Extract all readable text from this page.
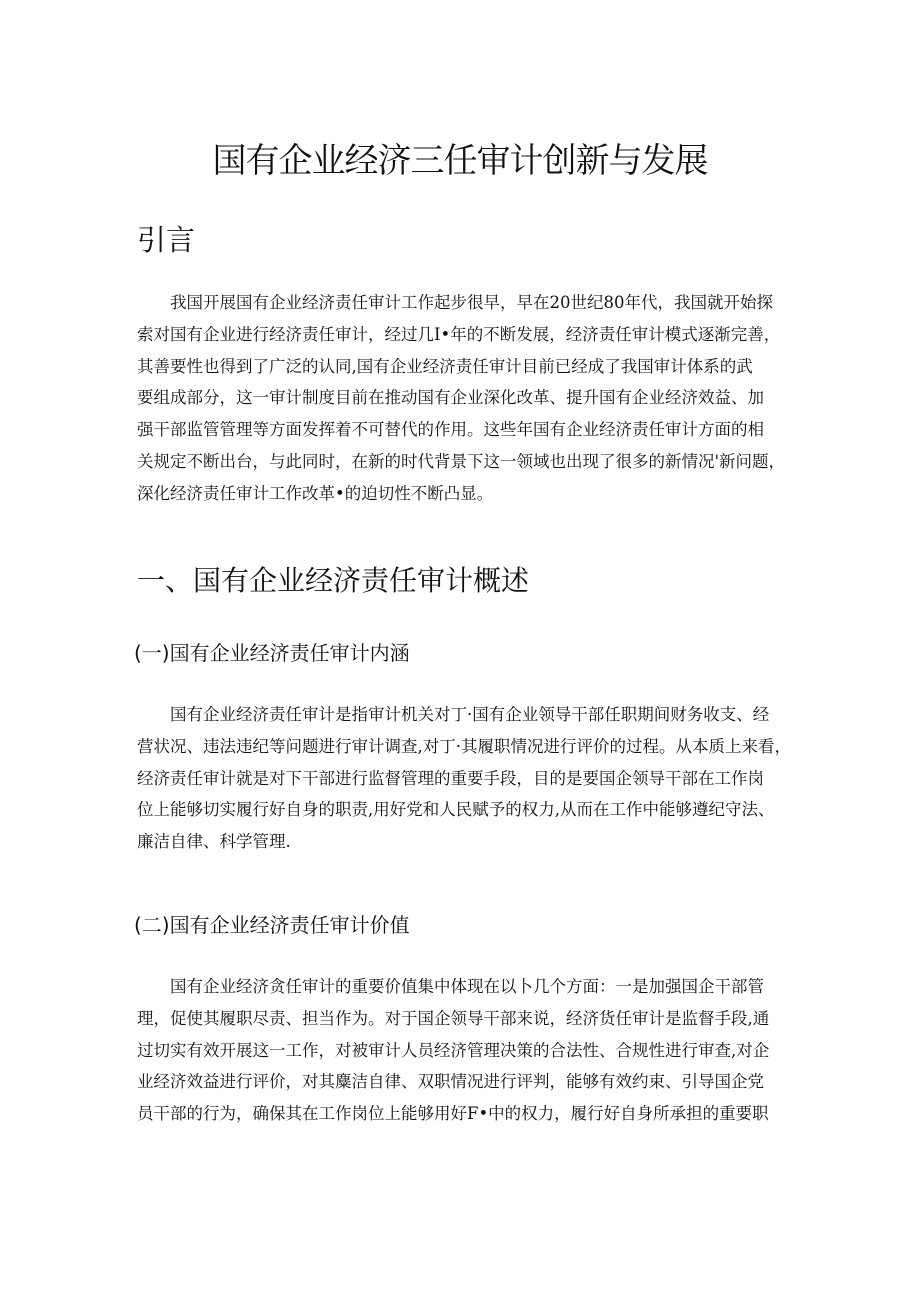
国有企业经济三任审计创新与发展
引言
我国开展国有企业经济责任审计工作起步很早，早在20世纪80年代，我国就开始探
索对国有企业进行经济责任审计，经过几I•年的不断发展，经济责任审计模式逐渐完善，
其善要性也得到了广泛的认同,国有企业经济责任审计目前已经成了我国审计体系的武
要组成部分，这一审计制度目前在推动国有企业深化改革、提升国有企业经济效益、加
强干部监管管理等方面发挥着不可替代的作用。这些年国有企业经济责任审计方面的相
关规定不断出台，与此同时，在新的时代背景下这一领域也出现了很多的新情况'新问题，
深化经济责任审计工作改革•的迫切性不断凸显。
一、国有企业经济责任审计概述
(一)国有企业经济责任审计内涵
国有企业经济责任审计是指审计机关对丁·国有企业领导干部任职期间财务收支、经
营状况、违法违纪等问题进行审计调查,对丁·其履职情况进行评价的过程。从本质上来看，
经济责任审计就是对下干部进行监督管理的重要手段，目的是要国企领导干部在工作岗
位上能够切实履行好自身的职责,用好党和人民赋予的权力,从而在工作中能够遵纪守法、
廉洁自律、科学管理.
(二)国有企业经济责任审计价值
国有企业经济贪任审计的重要价值集中体现在以卜几个方面：一是加强国企干部管
理，促使其履职尽责、担当作为。对于国企领导干部来说，经济货任审计是监督手段,通
过切实有效开展这一工作，对被审计人员经济管理决策的合法性、合规性进行审查,对企
业经济效益进行评价，对其麋洁自律、双职情况进行评判，能够有效约束、引导国企党
员干部的行为，确保其在工作岗位上能够用好F•中的权力，履行好自身所承担的重要职
